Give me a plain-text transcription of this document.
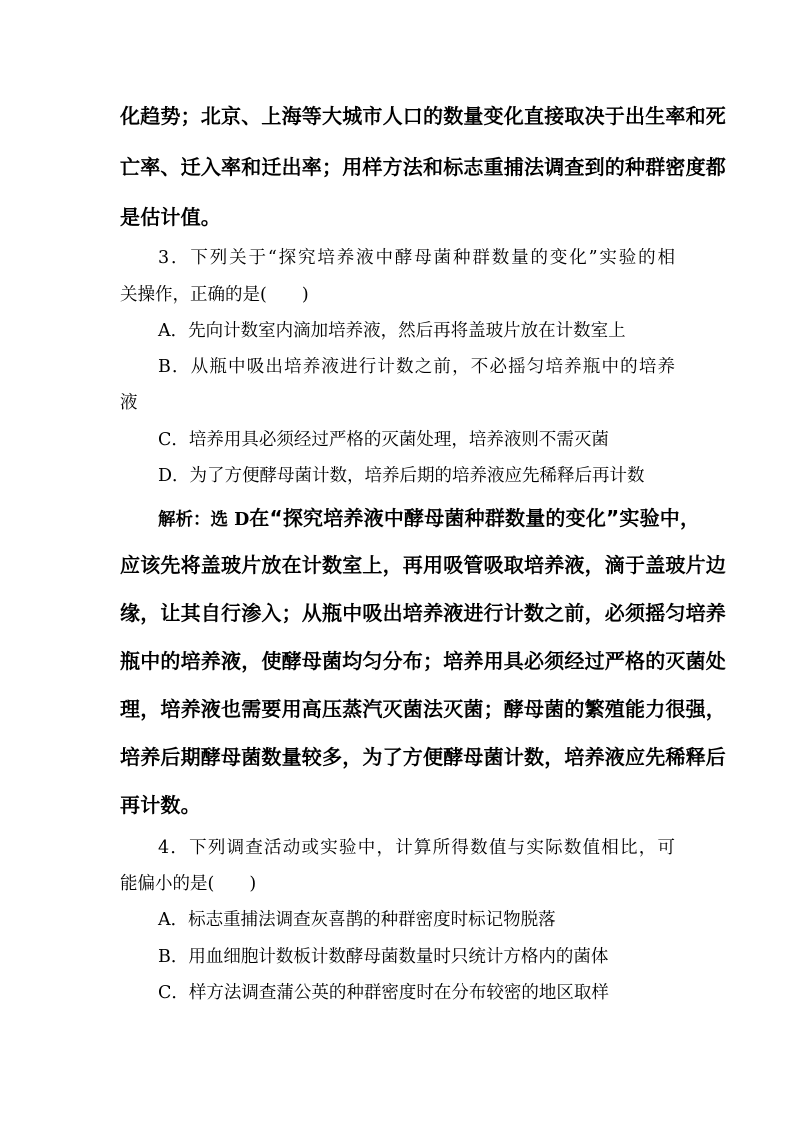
化趋势；北京、上海等大城市人口的数量变化直接取决于出生率和死
亡率、迁入率和迁出率；用样方法和标志重捕法调查到的种群密度都
是估计值。
3．下列关于“探究培养液中酵母菌种群数量的变化”实验的相
关操作，正确的是(　　)
A．先向计数室内滴加培养液，然后再将盖玻片放在计数室上
B．从瓶中吸出培养液进行计数之前，不必摇匀培养瓶中的培养
液
C．培养用具必须经过严格的灭菌处理，培养液则不需灭菌
D．为了方便酵母菌计数，培养后期的培养液应先稀释后再计数
解析：选 D 在“探究培养液中酵母菌种群数量的变化”实验中，
应该先将盖玻片放在计数室上，再用吸管吸取培养液，滴于盖玻片边
缘，让其自行渗入；从瓶中吸出培养液进行计数之前，必须摇匀培养
瓶中的培养液，使酵母菌均匀分布；培养用具必须经过严格的灭菌处
理，培养液也需要用高压蒸汽灭菌法灭菌；酵母菌的繁殖能力很强，
培养后期酵母菌数量较多，为了方便酵母菌计数，培养液应先稀释后
再计数。
4．下列调查活动或实验中，计算所得数值与实际数值相比，可
能偏小的是(　　)
A．标志重捕法调查灰喜鹊的种群密度时标记物脱落
B．用血细胞计数板计数酵母菌数量时只统计方格内的菌体
C．样方法调查蒲公英的种群密度时在分布较密的地区取样
